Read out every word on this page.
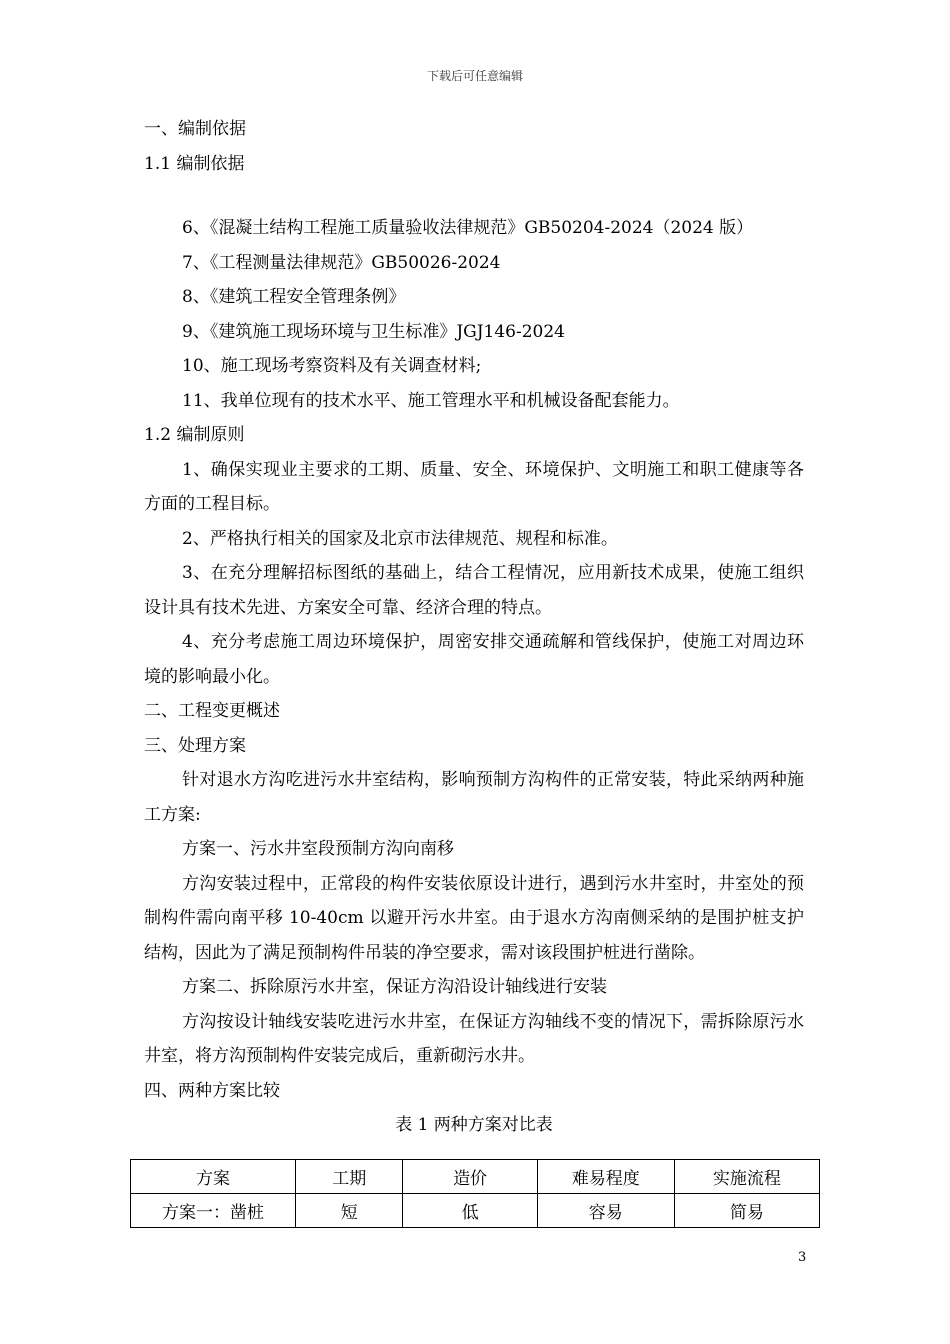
下载后可任意编辑

一、编制依据

1.1 编制依据

6、《混凝土结构工程施工质量验收法律规范》GB50204-2024（2024 版）

7、《工程测量法律规范》GB50026-2024

8、《建筑工程安全管理条例》

9、《建筑施工现场环境与卫生标准》JGJ146-2024

10、施工现场考察资料及有关调查材料;

11、我单位现有的技术水平、施工管理水平和机械设备配套能力。

1.2 编制原则

1、确保实现业主要求的工期、质量、安全、环境保护、文明施工和职工健康等各方面的工程目标。

2、严格执行相关的国家及北京市法律规范、规程和标准。

3、在充分理解招标图纸的基础上，结合工程情况，应用新技术成果，使施工组织设计具有技术先进、方案安全可靠、经济合理的特点。

4、充分考虑施工周边环境保护，周密安排交通疏解和管线保护，使施工对周边环境的影响最小化。

二、工程变更概述

三、处理方案

针对退水方沟吃进污水井室结构，影响预制方沟构件的正常安装，特此采纳两种施工方案:

方案一、污水井室段预制方沟向南移

方沟安装过程中，正常段的构件安装依原设计进行，遇到污水井室时，井室处的预制构件需向南平移 10-40cm 以避开污水井室。由于退水方沟南侧采纳的是围护桩支护结构，因此为了满足预制构件吊装的净空要求，需对该段围护桩进行凿除。

方案二、拆除原污水井室，保证方沟沿设计轴线进行安装

方沟按设计轴线安装吃进污水井室，在保证方沟轴线不变的情况下，需拆除原污水井室，将方沟预制构件安装完成后，重新砌污水井。

四、两种方案比较

表 1 两种方案对比表

方案	工期	造价	难易程度	实施流程
方案一：凿桩	短	低	容易	简易
3
